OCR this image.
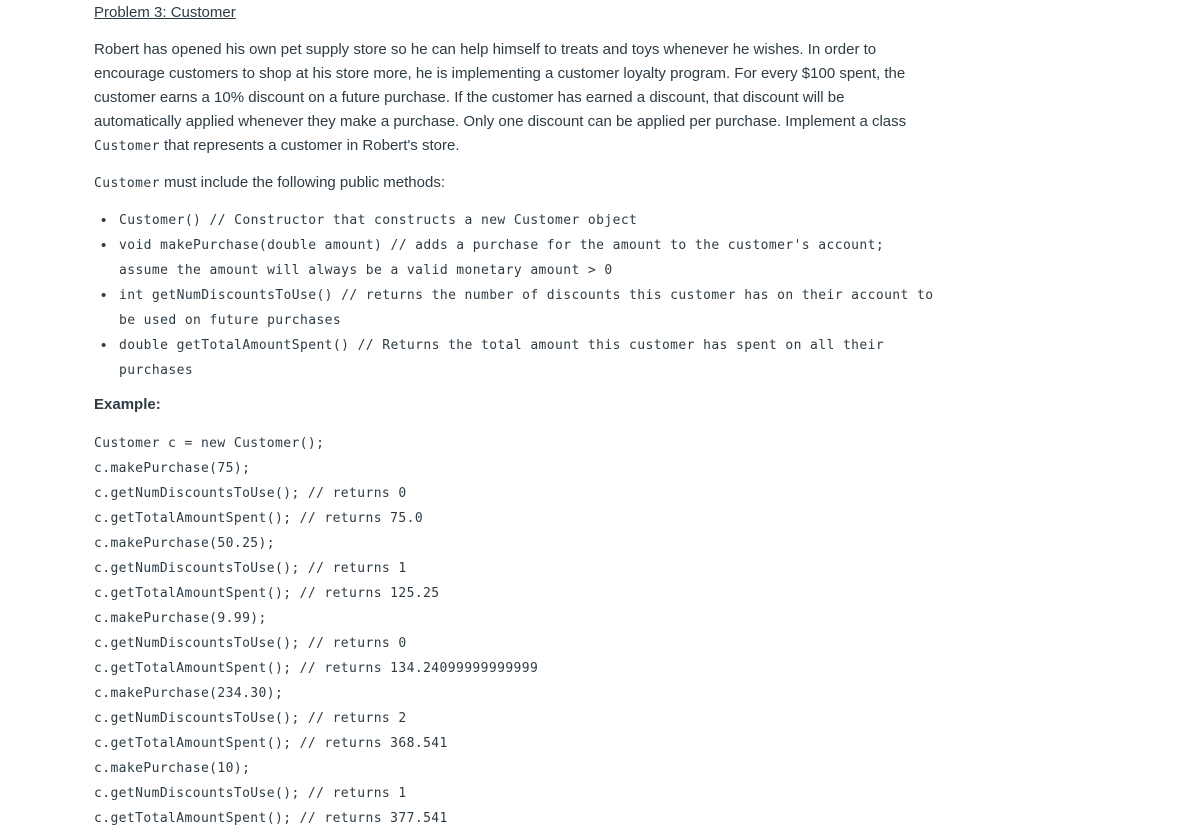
Problem 3: Customer

Robert has opened his own pet supply store so he can help himself to treats and toys whenever he wishes. In order to encourage customers to shop at his store more, he is implementing a customer loyalty program. For every $100 spent, the customer earns a 10% discount on a future purchase. If the customer has earned a discount, that discount will be automatically applied whenever they make a purchase. Only one discount can be applied per purchase. Implement a class Customer that represents a customer in Robert's store.

Customer must include the following public methods:

• Customer() // Constructor that constructs a new Customer object
• void makePurchase(double amount) // adds a purchase for the amount to the customer's account; assume the amount will always be a valid monetary amount > 0
• int getNumDiscountsToUse() // returns the number of discounts this customer has on their account to be used on future purchases
• double getTotalAmountSpent() // Returns the total amount this customer has spent on all their purchases
Example:
Customer c = new Customer();
c.makePurchase(75);
c.getNumDiscountsToUse(); // returns 0
c.getTotalAmountSpent(); // returns 75.0
c.makePurchase(50.25);
c.getNumDiscountsToUse(); // returns 1
c.getTotalAmountSpent(); // returns 125.25
c.makePurchase(9.99);
c.getNumDiscountsToUse(); // returns 0
c.getTotalAmountSpent(); // returns 134.24099999999999
c.makePurchase(234.30);
c.getNumDiscountsToUse(); // returns 2
c.getTotalAmountSpent(); // returns 368.541
c.makePurchase(10);
c.getNumDiscountsToUse(); // returns 1
c.getTotalAmountSpent(); // returns 377.541
